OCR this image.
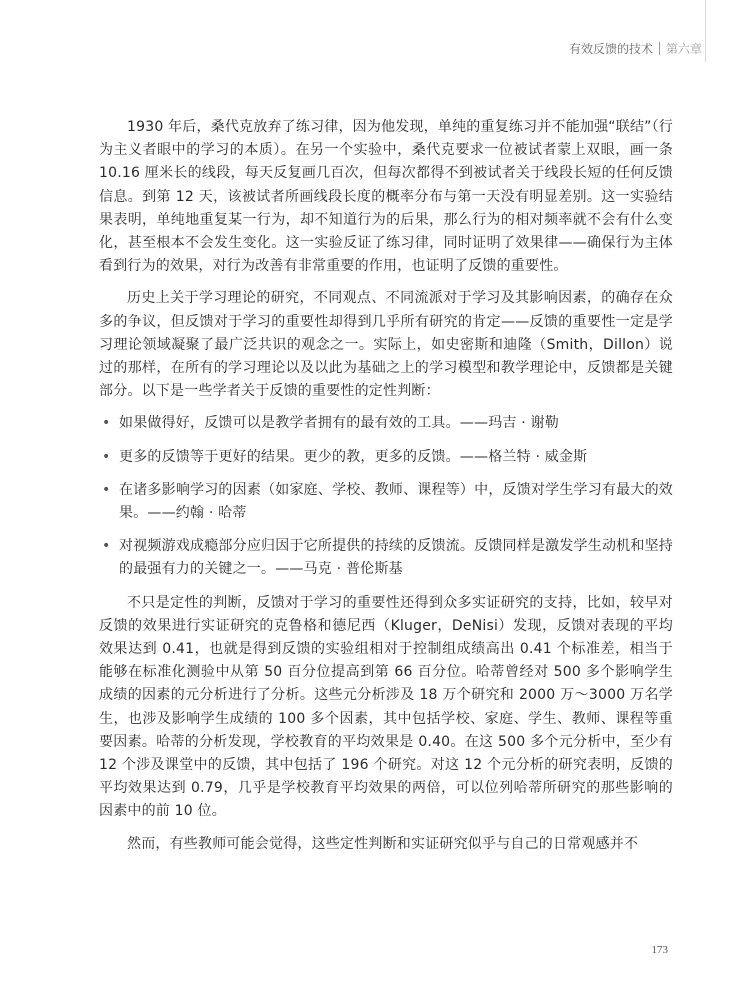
有效反馈的技术 第六章

1930 年后，桑代克放弃了练习律，因为他发现，单纯的重复练习并不能加强“联结”（行为主义者眼中的学习的本质）。在另一个实验中，桑代克要求一位被试者蒙上双眼，画一条 10.16 厘米长的线段，每天反复画几百次，但每次都得不到被试者关于线段长短的任何反馈信息。到第 12 天，该被试者所画线段长度的概率分布与第一天没有明显差别。这一实验结果表明，单纯地重复某一行为，却不知道行为的后果，那么行为的相对频率就不会有什么变化，甚至根本不会发生变化。这一实验反证了练习律，同时证明了效果律——确保行为主体看到行为的效果，对行为改善有非常重要的作用，也证明了反馈的重要性。

历史上关于学习理论的研究，不同观点、不同流派对于学习及其影响因素，的确存在众多的争议，但反馈对于学习的重要性却得到几乎所有研究的肯定——反馈的重要性一定是学习理论领域凝聚了最广泛共识的观念之一。实际上，如史密斯和迪隆（Smith，Dillon）说过的那样，在所有的学习理论以及以此为基础之上的学习模型和教学理论中，反馈都是关键部分。以下是一些学者关于反馈的重要性的定性判断：

• 如果做得好，反馈可以是教学者拥有的最有效的工具。——玛吉 · 谢勒
• 更多的反馈等于更好的结果。更少的教，更多的反馈。——格兰特 · 威金斯
• 在诸多影响学习的因素（如家庭、学校、教师、课程等）中，反馈对学生学习有最大的效果。——约翰 · 哈蒂
• 对视频游戏成瘾部分应归因于它所提供的持续的反馈流。反馈同样是激发学生动机和坚持的最强有力的关键之一。——马克 · 普伦斯基

不只是定性的判断，反馈对于学习的重要性还得到众多实证研究的支持，比如，较早对反馈的效果进行实证研究的克鲁格和德尼西（Kluger，DeNisi）发现，反馈对表现的平均效果达到 0.41，也就是得到反馈的实验组相对于控制组成绩高出 0.41 个标准差，相当于能够在标准化测验中从第 50 百分位提高到第 66 百分位。哈蒂曾经对 500 多个影响学生成绩的因素的元分析进行了分析。这些元分析涉及 18 万个研究和 2000 万～3000 万名学生，也涉及影响学生成绩的 100 多个因素，其中包括学校、家庭、学生、教师、课程等重要因素。哈蒂的分析发现，学校教育的平均效果是 0.40。在这 500 多个元分析中，至少有 12 个涉及课堂中的反馈，其中包括了 196 个研究。对这 12 个元分析的研究表明，反馈的平均效果达到 0.79，几乎是学校教育平均效果的两倍，可以位列哈蒂所研究的那些影响的因素中的前 10 位。

然而，有些教师可能会觉得，这些定性判断和实证研究似乎与自己的日常观感并不

173
